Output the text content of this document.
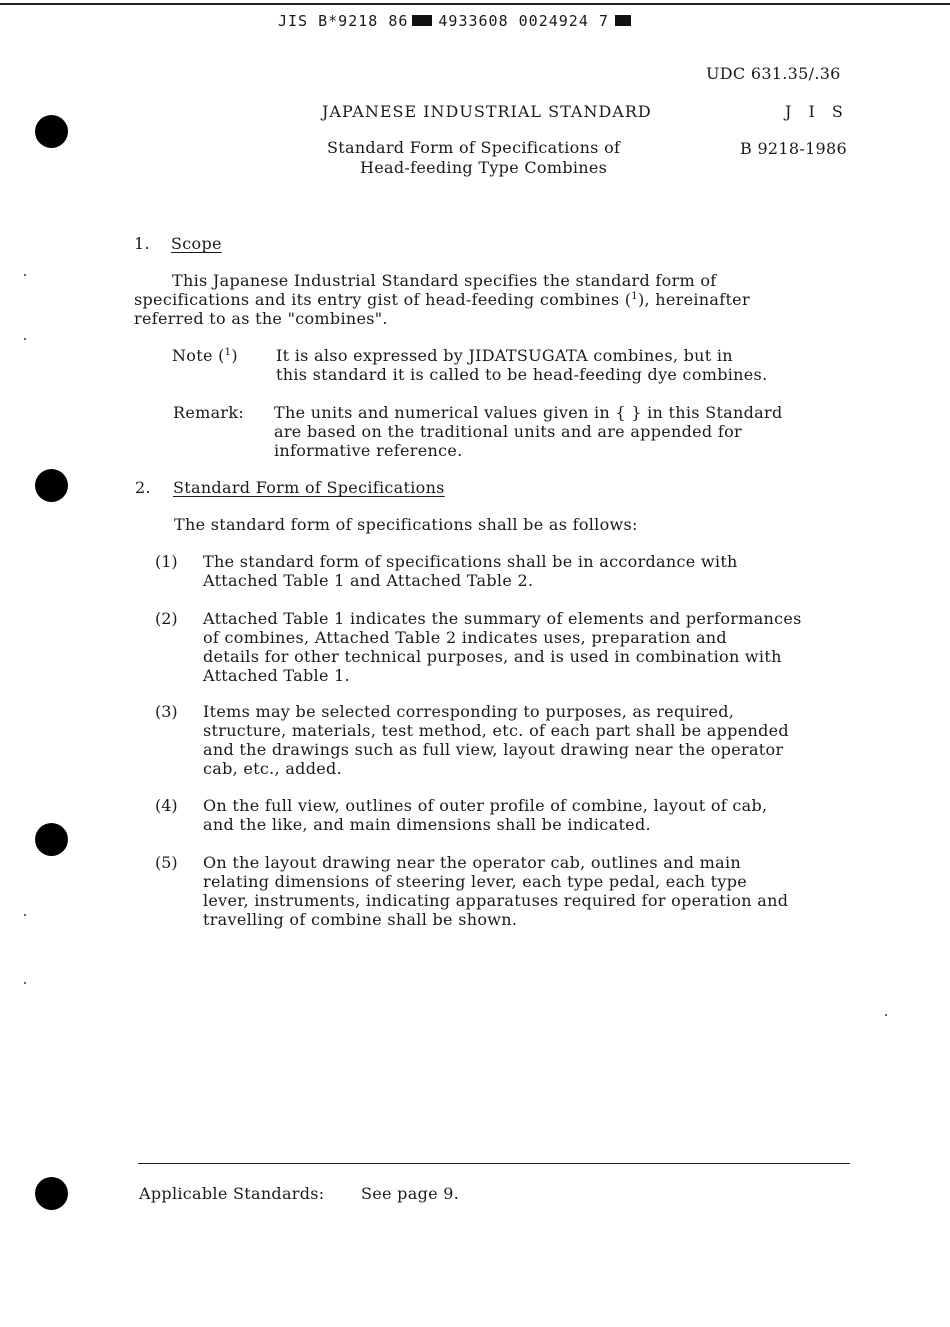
JIS B*9218 86 4933608 0024924 7
UDC 631.35/.36
JAPANESE INDUSTRIAL STANDARD	J I S
Standard Form of Specifications of
Head-feeding Type Combines
B 9218-1986
1. Scope
This Japanese Industrial Standard specifies the standard form of
specifications and its entry gist of head-feeding combines ($^1$), hereinafter
referred to as the "combines".
Note ($^1$) It is also expressed by JIDATSUGATA combines, but in
this standard it is called to be head-feeding dye combines.
Remark: The units and numerical values given in { } in this Standard
are based on the traditional units and are appended for
informative reference.
2. Standard Form of Specifications
The standard form of specifications shall be as follows:
(1) The standard form of specifications shall be in accordance with
Attached Table 1 and Attached Table 2.
(2) Attached Table 1 indicates the summary of elements and performances
of combines, Attached Table 2 indicates uses, preparation and
details for other technical purposes, and is used in combination with
Attached Table 1.
(3) Items may be selected corresponding to purposes, as required,
structure, materials, test method, etc. of each part shall be appended
and the drawings such as full view, layout drawing near the operator
cab, etc., added.
(4) On the full view, outlines of outer profile of combine, layout of cab,
and the like, and main dimensions shall be indicated.
(5) On the layout drawing near the operator cab, outlines and main
relating dimensions of steering lever, each type pedal, each type
lever, instruments, indicating apparatuses required for operation and
travelling of combine shall be shown.
Applicable Standards: See page 9.
